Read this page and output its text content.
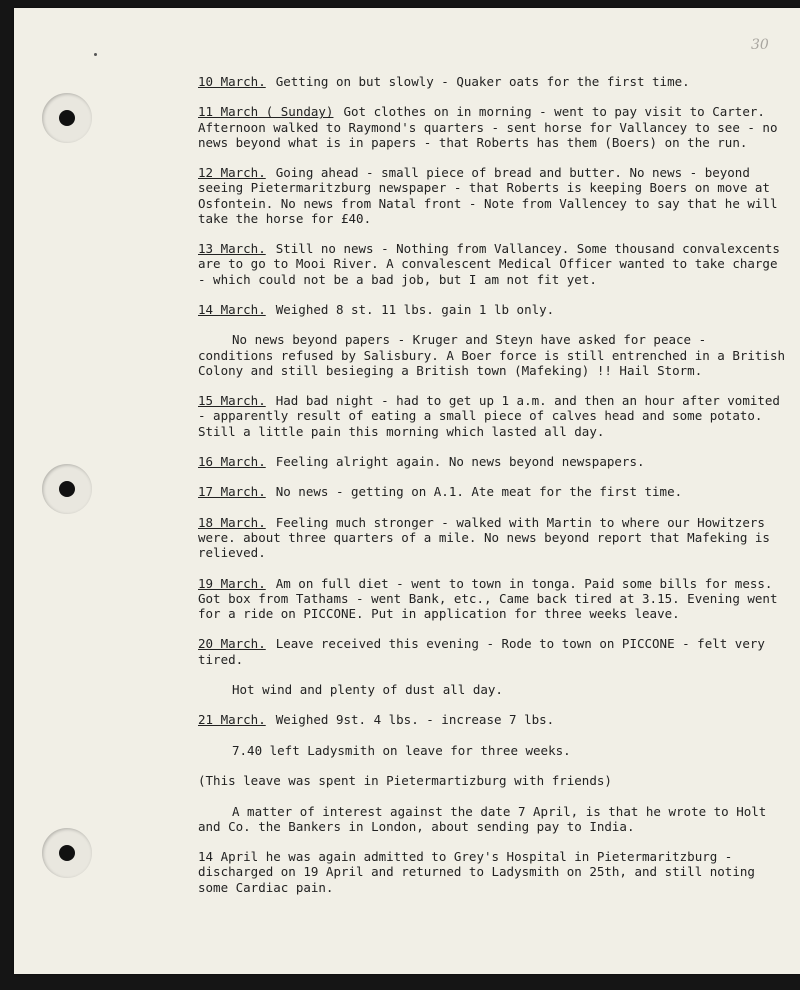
30

10 March. Getting on but slowly - Quaker oats for the first time.

11 March ( Sunday) Got clothes on in morning - went to pay visit to Carter. Afternoon walked to Raymond's quarters - sent horse for Vallancey to see - no news beyond what is in papers - that Roberts has them (Boers) on the run.

12 March. Going ahead - small piece of bread and butter. No news - beyond seeing Pietermaritzburg newspaper - that Roberts is keeping Boers on move at Osfontein. No news from Natal front - Note from Vallencey to say that he will take the horse for £40.

13 March. Still no news - Nothing from Vallancey. Some thousand convalexcents are to go to Mooi River. A convalescent Medical Officer wanted to take charge - which could not be a bad job, but I am not fit yet.

14 March. Weighed 8 st. 11 lbs. gain 1 lb only.

No news beyond papers - Kruger and Steyn have asked for peace - conditions refused by Salisbury. A Boer force is still entrenched in a British Colony and still besieging a British town (Mafeking) !! Hail Storm.

15 March. Had bad night - had to get up 1 a.m. and then an hour after vomited - apparently result of eating a small piece of calves head and some potato. Still a little pain this morning which lasted all day.

16 March. Feeling alright again. No news beyond newspapers.

17 March. No news - getting on A.1. Ate meat for the first time.

18 March. Feeling much stronger - walked with Martin to where our Howitzers were. about three quarters of a mile. No news beyond report that Mafeking is relieved.

19 March. Am on full diet - went to town in tonga. Paid some bills for mess. Got box from Tathams - went Bank, etc., Came back tired at 3.15. Evening went for a ride on PICCONE. Put in application for three weeks leave.

20 March. Leave received this evening - Rode to town on PICCONE - felt very tired.

Hot wind and plenty of dust all day.

21 March. Weighed 9st. 4 lbs. - increase 7 lbs.

7.40 left Ladysmith on leave for three weeks.

(This leave was spent in Pietermartizburg with friends)

A matter of interest against the date 7 April, is that he wrote to Holt and Co. the Bankers in London, about sending pay to India.

14 April he was again admitted to Grey's Hospital in Pietermaritzburg - discharged on 19 April and returned to Ladysmith on 25th, and still noting some Cardiac pain.
